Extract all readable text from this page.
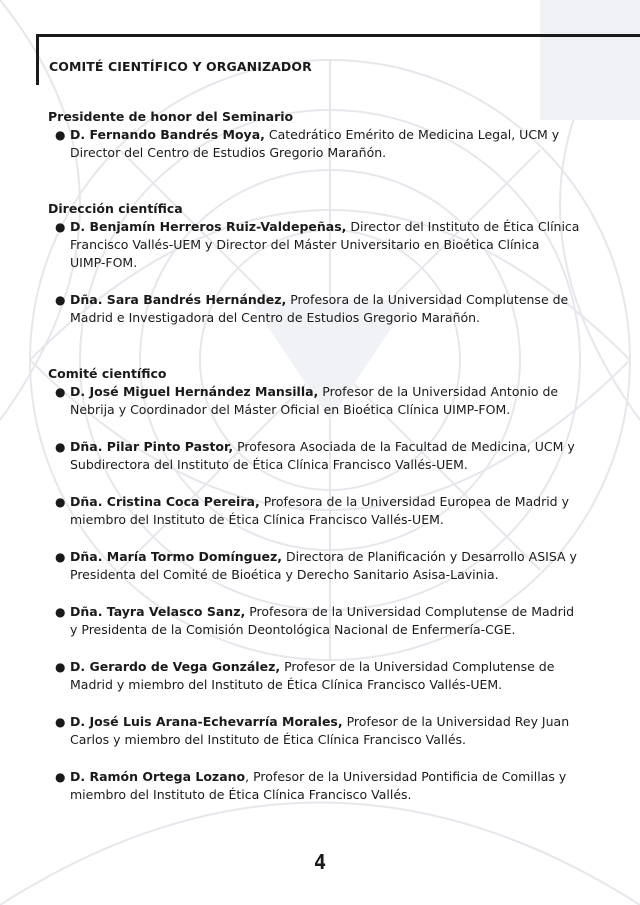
COMITÉ CIENTÍFICO Y ORGANIZADOR
Presidente de honor del Seminario
● D. Fernando Bandrés Moya, Catedrático Emérito de Medicina Legal, UCM y
Director del Centro de Estudios Gregorio Marañón.
Dirección científica
● D. Benjamín Herreros Ruiz-Valdepeñas, Director del Instituto de Ética Clínica
Francisco Vallés-UEM y Director del Máster Universitario en Bioética Clínica
UIMP-FOM.
● Dña. Sara Bandrés Hernández, Profesora de la Universidad Complutense de
Madrid e Investigadora del Centro de Estudios Gregorio Marañón.
Comité científico
● D. José Miguel Hernández Mansilla, Profesor de la Universidad Antonio de
Nebrija y Coordinador del Máster Oficial en Bioética Clínica UIMP-FOM.
● Dña. Pilar Pinto Pastor, Profesora Asociada de la Facultad de Medicina, UCM y
Subdirectora del Instituto de Ética Clínica Francisco Vallés-UEM.
● Dña. Cristina Coca Pereira, Profesora de la Universidad Europea de Madrid y
miembro del Instituto de Ética Clínica Francisco Vallés-UEM.
● Dña. María Tormo Domínguez, Directora de Planificación y Desarrollo ASISA y
Presidenta del Comité de Bioética y Derecho Sanitario Asisa-Lavinia.
● Dña. Tayra Velasco Sanz, Profesora de la Universidad Complutense de Madrid
y Presidenta de la Comisión Deontológica Nacional de Enfermería-CGE.
● D. Gerardo de Vega González, Profesor de la Universidad Complutense de
Madrid y miembro del Instituto de Ética Clínica Francisco Vallés-UEM.
● D. José Luis Arana-Echevarría Morales, Profesor de la Universidad Rey Juan
Carlos y miembro del Instituto de Ética Clínica Francisco Vallés.
● D. Ramón Ortega Lozano, Profesor de la Universidad Pontificia de Comillas y
miembro del Instituto de Ética Clínica Francisco Vallés.
4
